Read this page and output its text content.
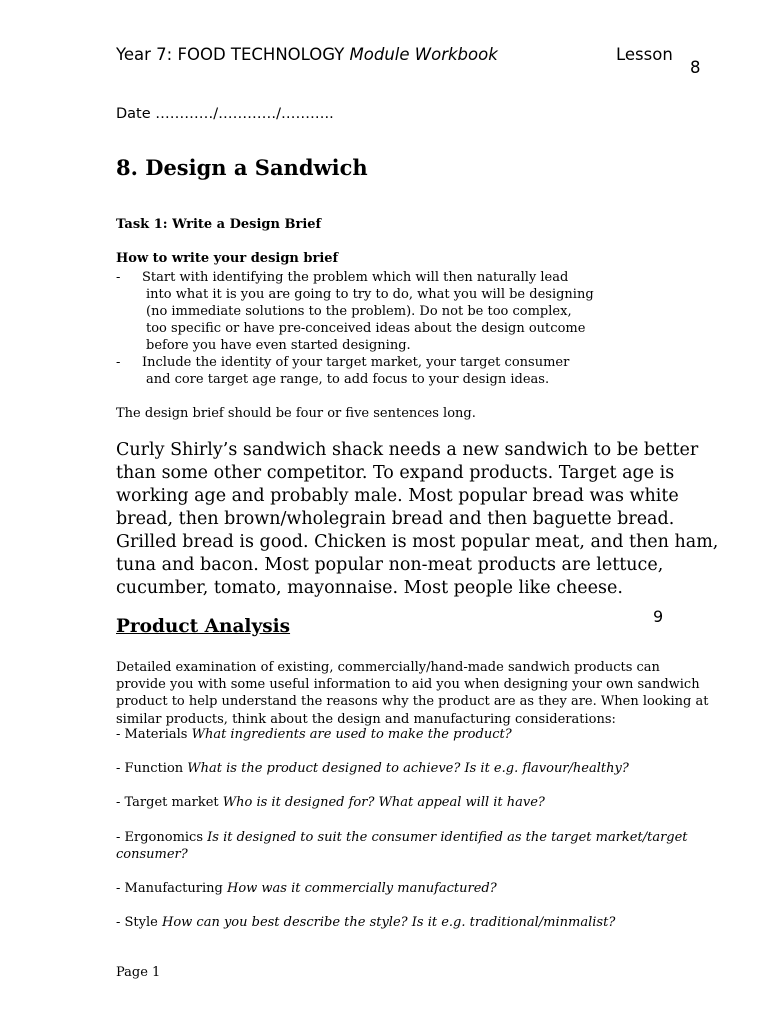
Year 7: FOOD TECHNOLOGY Module Workbook	Lesson
8
Date …………/…………/………..
8. Design a Sandwich
Task 1: Write a Design Brief
How to write your design brief
- Start with identifying the problem which will then naturally lead
into what it is you are going to try to do, what you will be designing
(no immediate solutions to the problem). Do not be too complex,
too specific or have pre-conceived ideas about the design outcome
before you have even started designing.
- Include the identity of your target market, your target consumer
and core target age range, to add focus to your design ideas.
The design brief should be four or five sentences long.
Curly Shirly’s sandwich shack needs a new sandwich to be better
than some other competitor. To expand products. Target age is
working age and probably male. Most popular bread was white
bread, then brown/wholegrain bread and then baguette bread.
Grilled bread is good. Chicken is most popular meat, and then ham,
tuna and bacon. Most popular non-meat products are lettuce,
cucumber, tomato, mayonnaise. Most people like cheese.
9
Product Analysis
Detailed examination of existing, commercially/hand-made sandwich products can
provide you with some useful information to aid you when designing your own sandwich
product to help understand the reasons why the product are as they are. When looking at
similar products, think about the design and manufacturing considerations:
- Materials What ingredients are used to make the product?
- Function What is the product designed to achieve? Is it e.g. flavour/healthy?
- Target market Who is it designed for? What appeal will it have?
- Ergonomics Is it designed to suit the consumer identified as the target market/target
consumer?
- Manufacturing How was it commercially manufactured?
- Style How can you best describe the style? Is it e.g. traditional/minmalist?
Page 1
